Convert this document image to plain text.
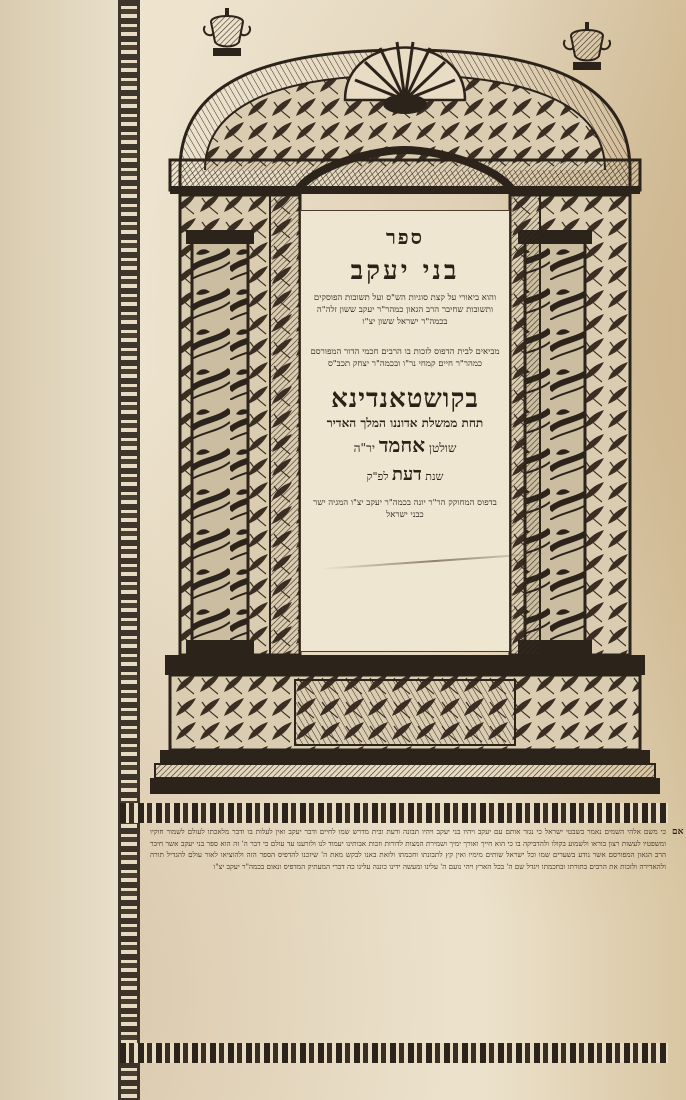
ספר
בני יעקב
והוא ביאורי על קצת סוגיות הש"ס ועל תשובות הפוסקים ותשובות שחיבר הרב הגאון כמהר"ר יעקב ששון זלה"ה בכמה"ר ישראל ששון יצ"ו
מביאים לבית הדפוס לזכות בו הרבים חכמי הדור המפורסם כמהר"ר חיים קמחי נר"ו ובכמה"ר יצחק תכב"ס
בקושטאנדינא
תחת ממשלת אדוננו המלך האדיר
שולטן אחמד יר"ה
שנת דעת לפ"ק
בדפוס המחוקק הר"ר יונה בכמה"ר יעקב יצ"ו המגיה ישר כבני ישראל
אם

כי משם אלהי השמים נאמר בשבטי ישראל כי נגזר אותם עם יעקב ויהיו בני יעקב ויהיו תבונה ודעת ובית מדרש שמו לחיים ודבר יעקב ואין לעלות בו ודבר מלאכתו לעולם לשמור חוקיו ומשפטיו לעשות רצון בוראו ולשמוע בקולו ולהדביקה בו כי הוא חייך ואורך ימיך ושמירת המצות לדורות וזכות אבותינו יעמוד לנו ולזרענו עד עולם כי דבר ה' זה הוא ספר בני יעקב אשר חיבר הרב הגאון המפורסם אשר נודע בשערים שמו וכל ישראל שותים מימיו ואין קץ לתבונתו וחכמתו ולזאת באנו לבקש מאת ה' שיזכנו להדפיס הספר הזה ולהוציאו לאור עולם להגדיל תורה ולהאדירה ולזכות את הרבים בתורתו ובחכמתו ויגדל שם ה' בכל הארץ ויהי נועם ה' עלינו ומעשה ידינו כוננה עלינו כה דברי המעתיק המדפיס ונאום בכמה"ר יעקב יצ"ו
